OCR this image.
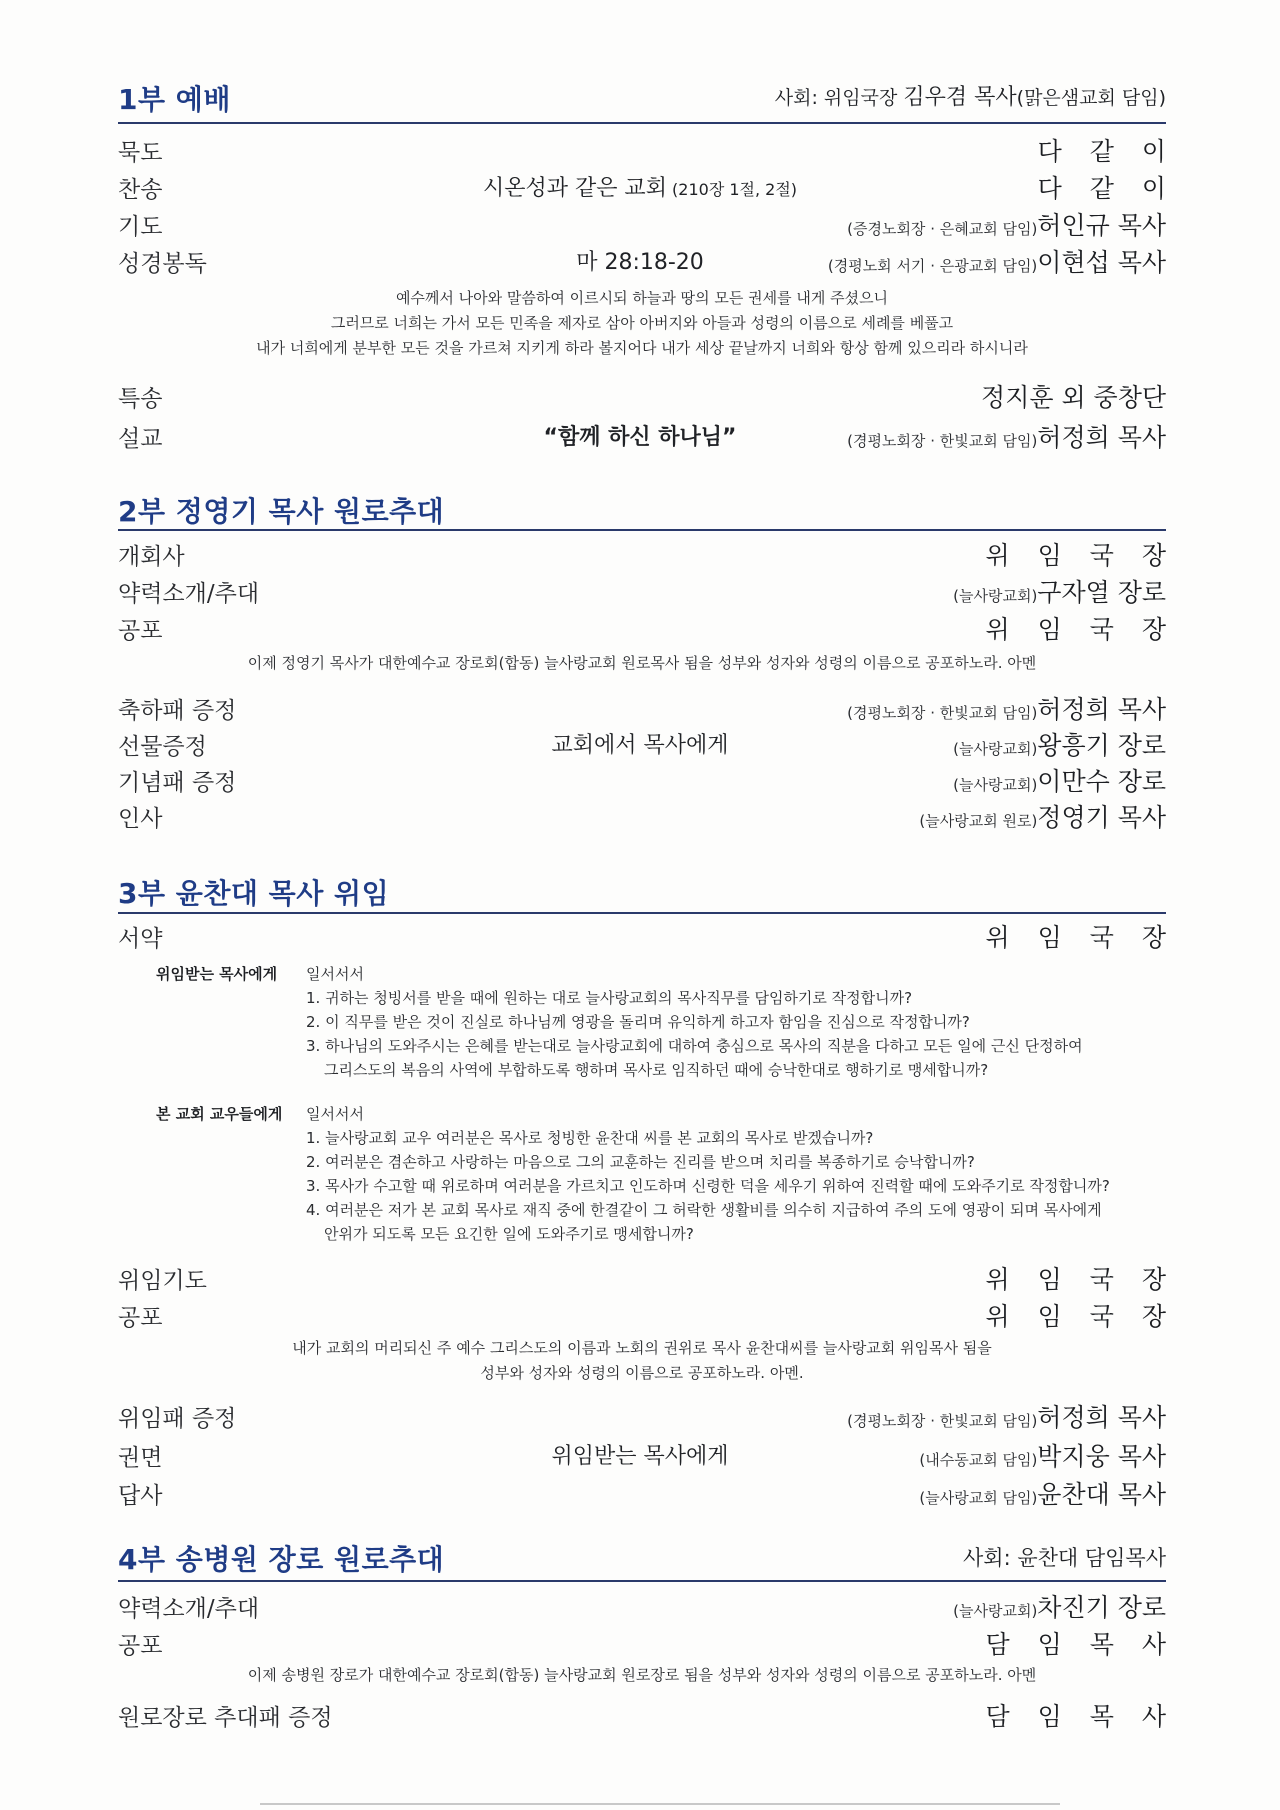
1부 예배	사회: 위임국장 김우겸 목사(맑은샘교회 담임)
묵도	다 같 이
찬송	시온성과 같은 교회 (210장 1절, 2절)	다 같 이
기도	(증경노회장 · 은혜교회 담임)허인규 목사
성경봉독	마 28:18-20	(경평노회 서기 · 은광교회 담임)이현섭 목사
예수께서 나아와 말씀하여 이르시되 하늘과 땅의 모든 권세를 내게 주셨으니
그러므로 너희는 가서 모든 민족을 제자로 삼아 아버지와 아들과 성령의 이름으로 세례를 베풀고
내가 너희에게 분부한 모든 것을 가르쳐 지키게 하라 볼지어다 내가 세상 끝날까지 너희와 항상 함께 있으리라 하시니라
특송	정지훈 외 중창단
설교	“함께 하신 하나님”	(경평노회장 · 한빛교회 담임)허정희 목사
2부 정영기 목사 원로추대
개회사	위 임 국 장
약력소개/추대	(늘사랑교회)구자열 장로
공포	위 임 국 장
이제 정영기 목사가 대한예수교 장로회(합동) 늘사랑교회 원로목사 됨을 성부와 성자와 성령의 이름으로 공포하노라. 아멘
축하패 증정	(경평노회장 · 한빛교회 담임)허정희 목사
선물증정	교회에서 목사에게	(늘사랑교회)왕흥기 장로
기념패 증정	(늘사랑교회)이만수 장로
인사	(늘사랑교회 원로)정영기 목사
3부 윤찬대 목사 위임
서약	위 임 국 장
위임받는 목사에게 일서서서
1. 귀하는 청빙서를 받을 때에 원하는 대로 늘사랑교회의 목사직무를 담임하기로 작정합니까?
2. 이 직무를 받은 것이 진실로 하나님께 영광을 돌리며 유익하게 하고자 함임을 진심으로 작정합니까?
3. 하나님의 도와주시는 은혜를 받는대로 늘사랑교회에 대하여 충심으로 목사의 직분을 다하고 모든 일에 근신 단정하여
그리스도의 복음의 사역에 부합하도록 행하며 목사로 임직하던 때에 승낙한대로 행하기로 맹세합니까?
본 교회 교우들에게 일서서서
1. 늘사랑교회 교우 여러분은 목사로 청빙한 윤찬대 씨를 본 교회의 목사로 받겠습니까?
2. 여러분은 겸손하고 사랑하는 마음으로 그의 교훈하는 진리를 받으며 치리를 복종하기로 승낙합니까?
3. 목사가 수고할 때 위로하며 여러분을 가르치고 인도하며 신령한 덕을 세우기 위하여 진력할 때에 도와주기로 작정합니까?
4. 여러분은 저가 본 교회 목사로 재직 중에 한결같이 그 허락한 생활비를 의수히 지급하여 주의 도에 영광이 되며 목사에게
안위가 되도록 모든 요긴한 일에 도와주기로 맹세합니까?
위임기도	위 임 국 장
공포	위 임 국 장
내가 교회의 머리되신 주 예수 그리스도의 이름과 노회의 권위로 목사 윤찬대씨를 늘사랑교회 위임목사 됨을
성부와 성자와 성령의 이름으로 공포하노라. 아멘.
위임패 증정	(경평노회장 · 한빛교회 담임)허정희 목사
권면	위임받는 목사에게	(내수동교회 담임)박지웅 목사
답사	(늘사랑교회 담임)윤찬대 목사
4부 송병원 장로 원로추대	사회: 윤찬대 담임목사
약력소개/추대	(늘사랑교회)차진기 장로
공포	담 임 목 사
이제 송병원 장로가 대한예수교 장로회(합동) 늘사랑교회 원로장로 됨을 성부와 성자와 성령의 이름으로 공포하노라. 아멘
원로장로 추대패 증정	담 임 목 사
